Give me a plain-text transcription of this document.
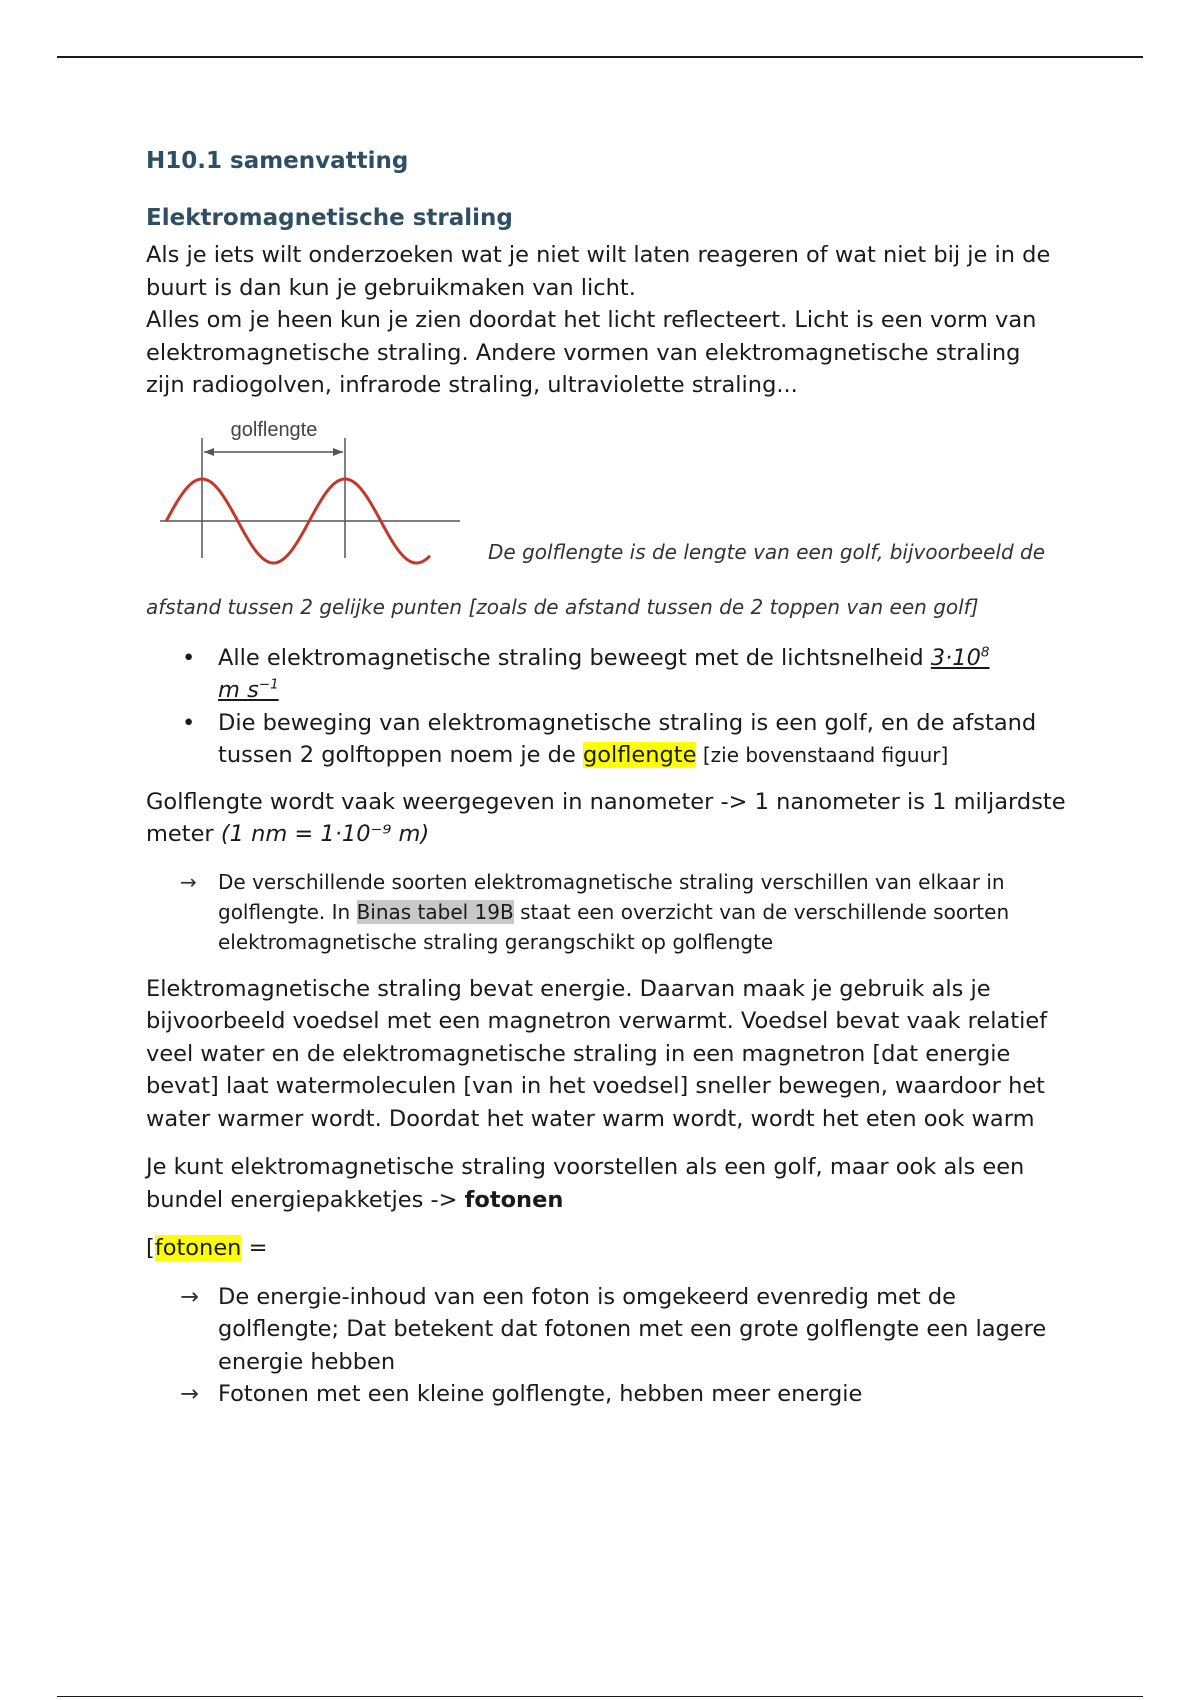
H10.1 samenvatting
Elektromagnetische straling

Als je iets wilt onderzoeken wat je niet wilt laten reageren of wat niet bij je in de buurt is dan kun je gebruikmaken van licht.

Alles om je heen kun je zien doordat het licht reflecteert. Licht is een vorm van elektromagnetische straling. Andere vormen van elektromagnetische straling zijn radiogolven, infrarode straling, ultraviolette straling...

golflengte
De golflengte is de lengte van een golf, bijvoorbeeld de
afstand tussen 2 gelijke punten [zoals de afstand tussen de 2 toppen van een golf]
• Alle elektromagnetische straling beweegt met de lichtsnelheid $3\cdot 10^8$
m $s^{-1}$
• Die beweging van elektromagnetische straling is een golf, en de afstand tussen 2 golftoppen noem je de golflengte [zie bovenstaand figuur]

Golflengte wordt vaak weergegeven in nanometer -> 1 nanometer is 1 miljardste meter (1 nm = 1·10⁻⁹ m)

→ De verschillende soorten elektromagnetische straling verschillen van elkaar in golflengte. In Binas tabel 19B staat een overzicht van de verschillende soorten elektromagnetische straling gerangschikt op golflengte

Elektromagnetische straling bevat energie. Daarvan maak je gebruik als je bijvoorbeeld voedsel met een magnetron verwarmt. Voedsel bevat vaak relatief veel water en de elektromagnetische straling in een magnetron [dat energie bevat] laat watermoleculen [van in het voedsel] sneller bewegen, waardoor het water warmer wordt. Doordat het water warm wordt, wordt het eten ook warm

Je kunt elektromagnetische straling voorstellen als een golf, maar ook als een bundel energiepakketjes -> fotonen

[fotonen =

→ De energie-inhoud van een foton is omgekeerd evenredig met de golflengte; Dat betekent dat fotonen met een grote golflengte een lagere energie hebben
→ Fotonen met een kleine golflengte, hebben meer energie
